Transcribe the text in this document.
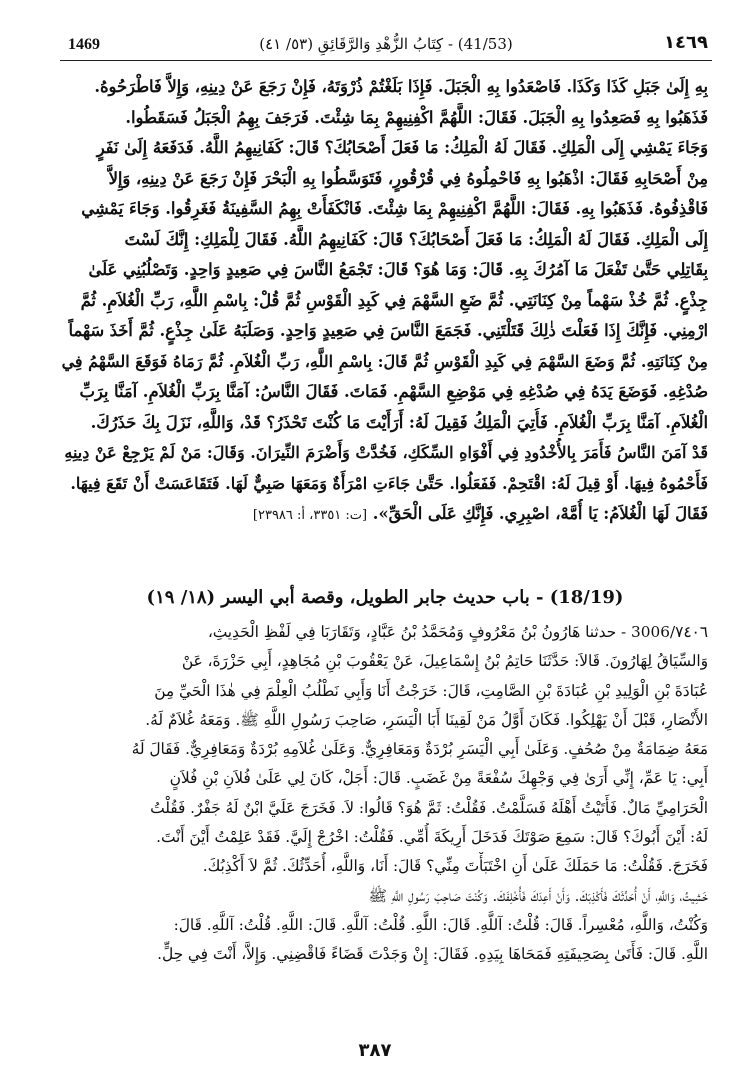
1469	(41/53) - كِتَابُ الزُّهْدِ وَالرَّقَائِقِ (٥٣/ ٤١)	١٤٦٩
بِهِ إِلَىٰ جَبَلِ كَذَا وَكَذَا. فَاصْعَدُوا بِهِ الْجَبَلَ. فَإِذَا بَلَغْتُمْ ذُرْوَتَهُ، فَإِنْ رَجَعَ عَنْ دِينِهِ، وَإِلاَّ فَاطْرَحُوهُ.
فَذَهَبُوا بِهِ فَصَعِدُوا بِهِ الْجَبَلَ. فَقَالَ: اللَّهُمَّ اكْفِنِيهِمْ بِمَا شِئْتَ. فَرَجَفَ بِهِمُ الْجَبَلُ فَسَقَطُوا.
وَجَاءَ يَمْشِي إِلَى الْمَلِكِ. فَقَالَ لَهُ الْمَلِكُ: مَا فَعَلَ أَصْحَابُكَ؟ قَالَ: كَفَانِيهِمُ اللَّهُ. فَدَفَعَهُ إِلَىٰ نَفَرٍ
مِنْ أَصْحَابِهِ فَقَالَ: اذْهَبُوا بِهِ فَاحْمِلُوهُ فِي قُرْقُورٍ، فَتَوَسَّطُوا بِهِ الْبَحْرَ فَإِنْ رَجَعَ عَنْ دِينِهِ، وَإِلاَّ
فَاقْذِفُوهُ. فَذَهَبُوا بِهِ. فَقَالَ: اللَّهُمَّ اكْفِنِيهِمْ بِمَا شِئْتَ. فَانْكَفَأَتْ بِهِمُ السَّفِينَةُ فَغَرِقُوا. وَجَاءَ يَمْشِي
إِلَى الْمَلِكِ. فَقَالَ لَهُ الْمَلِكُ: مَا فَعَلَ أَصْحَابُكَ؟ قَالَ: كَفَانِيهِمُ اللَّهُ. فَقَالَ لِلْمَلِكِ: إِنَّكَ لَسْتَ
بِقَاتِلِي حَتَّىٰ تَفْعَلَ مَا آمُرُكَ بِهِ. قَالَ: وَمَا هُوَ؟ قَالَ: تَجْمَعُ النَّاسَ فِي صَعِيدٍ وَاحِدٍ. وَتَصْلُبُنِي عَلَىٰ
جِذْعٍ. ثُمَّ خُذْ سَهْماً مِنْ كِنَانَتِي. ثُمَّ ضَعِ السَّهْمَ فِي كَبِدِ الْقَوْسِ ثُمَّ قُلْ: بِاسْمِ اللَّهِ، رَبِّ الْغُلاَمِ. ثُمَّ
ارْمِنِي. فَإِنَّكَ إِذَا فَعَلْتَ ذٰلِكَ قَتَلْتَنِي. فَجَمَعَ النَّاسَ فِي صَعِيدٍ وَاحِدٍ. وَصَلَبَهُ عَلَىٰ جِذْعٍ. ثُمَّ أَخَذَ سَهْماً
مِنْ كِنَانَتِهِ. ثُمَّ وَضَعَ السَّهْمَ فِي كَبِدِ الْقَوْسِ ثُمَّ قَالَ: بِاسْمِ اللَّهِ، رَبِّ الْغُلاَمِ. ثُمَّ رَمَاهُ فَوَقَعَ السَّهْمُ فِي
صُدْغِهِ. فَوَضَعَ يَدَهُ فِي صُدْغِهِ فِي مَوْضِعِ السَّهْمِ. فَمَاتَ. فَقَالَ النَّاسُ: آمَنَّا بِرَبِّ الْغُلاَمِ. آمَنَّا بِرَبِّ
الْغُلاَمِ. آمَنَّا بِرَبِّ الْغُلاَمِ. فَأُتِيَ الْمَلِكُ فَقِيلَ لَهُ: أَرَأَيْتَ مَا كُنْتَ تَحْذَرُ؟ قَدْ، وَاللَّهِ، نَزَلَ بِكَ حَذَرُكَ.
قَدْ آمَنَ النَّاسُ فَأَمَرَ بِالأُخْدُودِ فِي أَفْوَاهِ السِّكَكِ، فَخُدَّتْ وَأَضْرَمَ النِّيرَانَ. وَقَالَ: مَنْ لَمْ يَرْجِعْ عَنْ دِينِهِ
فَأَحْمُوهُ فِيهَا. أَوْ قِيلَ لَهُ: اقْتَحِمْ. فَفَعَلُوا. حَتَّىٰ جَاءَتِ امْرَأَةٌ وَمَعَهَا صَبِيٌّ لَهَا. فَتَقَاعَسَتْ أَنْ تَقَعَ فِيهَا.
فَقَالَ لَهَا الْغُلاَمُ: يَا أُمَّهْ، اصْبِرِي. فَإِنَّكِ عَلَى الْحَقِّ». [ت: ٣٣٥١، أ: ٢٣٩٨٦]
(18/19) - باب حديث جابر الطويل، وقصة أبي اليسر (١٨/ ١٩)
٧٤٠٦/3006 - حدثنا هَارُونُ بْنُ مَعْرُوفٍ وَمُحَمَّدُ بْنُ عَبَّادٍ، وَتَقَارَبَا فِي لَفْظِ الْحَدِيثِ،
وَالسِّيَاقُ لِهَارُونَ. قَالاَ: حَدَّثَنَا حَاتِمُ بْنُ إِسْمَاعِيلَ، عَنْ يَعْقُوبَ بْنِ مُجَاهِدٍ، أَبِي حَزْرَةَ، عَنْ
عُبَادَةَ بْنِ الْوَلِيدِ بْنِ عُبَادَةَ بْنِ الصَّامِتِ، قَالَ: خَرَجْتُ أَنَا وَأَبِي نَطْلُبُ الْعِلْمَ فِي هٰذَا الْحَيِّ مِنَ
الأَنْصَارِ، قَبْلَ أَنْ يَهْلِكُوا. فَكَانَ أَوَّلُ مَنْ لَقِينَا أَبَا الْيَسَرِ، صَاحِبَ رَسُولِ اللَّهِ ﷺ. وَمَعَهُ غُلاَمٌ لَهُ.
مَعَهُ ضِمَامَةٌ مِنْ صُحُفٍ. وَعَلَىٰ أَبِي الْيَسَرِ بُرْدَةٌ وَمَعَافِرِيٌّ. وَعَلَىٰ غُلاَمِهِ بُرْدَةٌ وَمَعَافِرِيٌّ. فَقَالَ لَهُ
أَبِي: يَا عَمِّ، إِنِّي أَرَىٰ فِي وَجْهِكَ سُفْعَةً مِنْ غَضَبٍ. قَالَ: أَجَلْ، كَانَ لِي عَلَىٰ فُلاَنِ بْنِ فُلاَنٍ
الْحَرَامِيِّ مَالٌ. فَأَتَيْتُ أَهْلَهُ فَسَلَّمْتُ. فَقُلْتُ: ثَمَّ هُوَ؟ قَالُوا: لاَ. فَخَرَجَ عَلَيَّ ابْنٌ لَهُ جَفْرٌ. فَقُلْتُ
لَهُ: أَيْنَ أَبُوكَ؟ قَالَ: سَمِعَ صَوْتَكَ فَدَخَلَ أَرِيكَةَ أُمِّي. فَقُلْتُ: اخْرُجْ إِلَيَّ. فَقَدْ عَلِمْتُ أَيْنَ أَنْتَ.
فَخَرَجَ. فَقُلْتُ: مَا حَمَلَكَ عَلَىٰ أَنِ اخْتَبَأْتَ مِنِّي؟ قَالَ: أَنَا، وَاللَّهِ، أُحَدِّثُكَ. ثُمَّ لاَ أَكْذِبُكَ.
خَشِيتُ، وَاللَّهِ، أَنْ أُحَدِّثَكَ فَأَكْذِبَكَ. وَأَنْ أَعِدَكَ فَأُخْلِفَكَ. وَكُنْتَ صَاحِبَ رَسُولِ اللَّهِ ﷺ
وَكُنْتُ، وَاللَّهِ، مُعْسِراً. قَالَ: قُلْتُ: آللَّهِ. قَالَ: اللَّهِ. قُلْتُ: آللَّهِ. قَالَ: اللَّهِ. قُلْتُ: آللَّهِ. قَالَ:
اللَّهِ. قَالَ: فَأَتَىٰ بِصَحِيفَتِهِ فَمَحَاهَا بِيَدِهِ. فَقَالَ: إِنْ وَجَدْتَ قَضَاءً فَاقْضِنِي. وَإِلاَّ، أَنْتَ فِي حِلٍّ.
٣٨٧
